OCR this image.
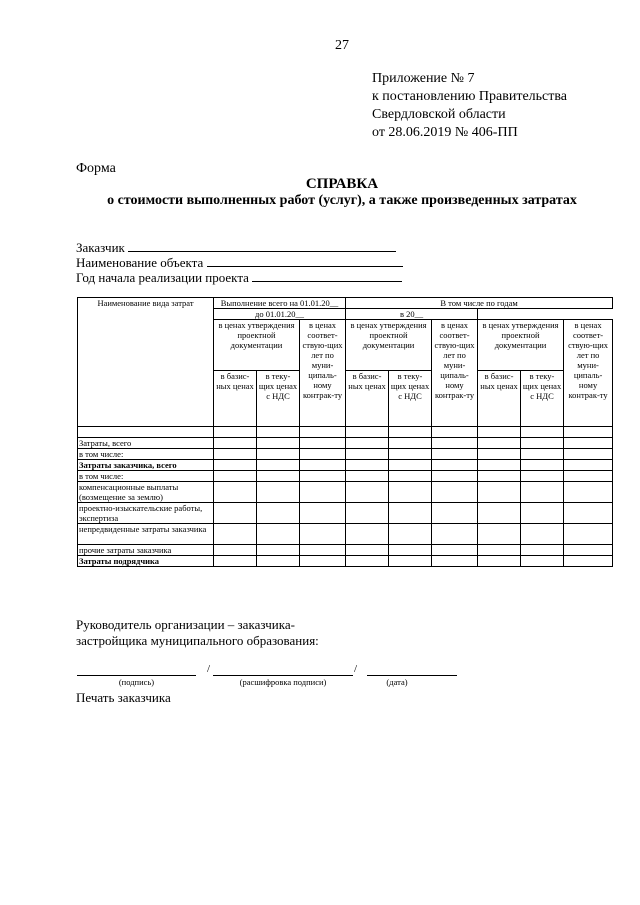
27
Приложение № 7
к постановлению Правительства
Свердловской области
от 28.06.2019 № 406-ПП
Форма
СПРАВКА
о стоимости выполненных работ (услуг), а также произведенных затратах
Заказчик
Наименование объекта
Год начала реализации проекта
Наименование вида затрат	Выполнение всего на 01.01.20__			В том числе по годам					
	до 01.01.20__			в 20__					
	в ценах утверждения проектной документации		в ценах соответ-ствую-щих лет по муни-ципаль-ному контрак-ту	в ценах утверждения проектной документации		в ценах соответ-ствую-щих лет по муни-ципаль-ному контрак-ту	в ценах утверждения проектной документации		в ценах соответ-ствую-щих лет по муни-ципаль-ному контрак-ту
	в базис-ных ценах	в теку-щих ценах с НДС		в базис-ных ценах	в теку-щих ценах с НДС		в базис-ных ценах	в теку-щих ценах с НДС	

Затраты, всего									
в том числе:									
Затраты заказчика, всего									
в том числе:									
компенсационные выплаты (возмещение за землю)									
проектно-изыскательские работы, экспертиза									
непредвиденные затраты заказчика									
прочие затраты заказчика									
Затраты подрядчика									
Руководитель организации – заказчика-
застройщика муниципального образования:
/	/
(подпись)	(расшифровка подписи)	(дата)
Печать заказчика
